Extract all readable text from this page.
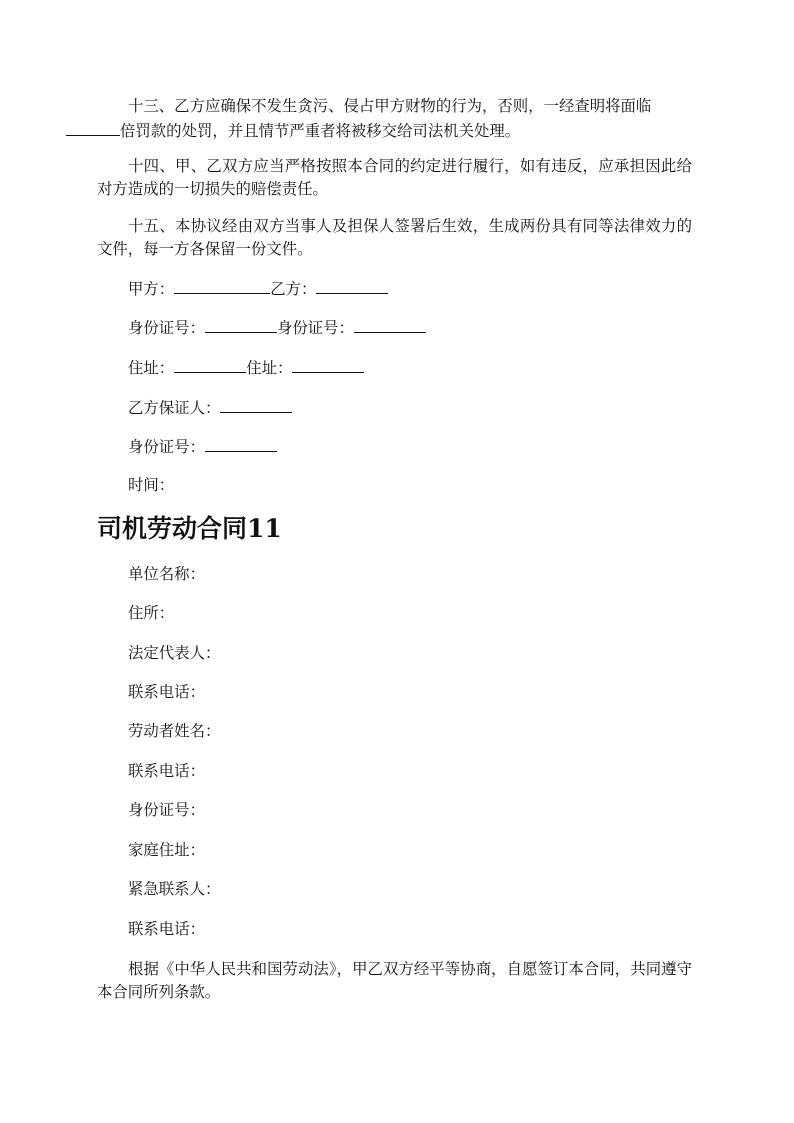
十三、乙方应确保不发生贪污、侵占甲方财物的行为，否则，一经查明将面临
倍罚款的处罚，并且情节严重者将被移交给司法机关处理。

十四、甲、乙双方应当严格按照本合同的约定进行履行，如有违反，应承担因此给对方造成的一切损失的赔偿责任。

十五、本协议经由双方当事人及担保人签署后生效，生成两份具有同等法律效力的文件，每一方各保留一份文件。

甲方：	乙方：

身份证号：	身份证号：

住址：	住址：

乙方保证人：

身份证号：

时间：

司机劳动合同11

单位名称：

住所：

法定代表人：

联系电话：

劳动者姓名：

联系电话：

身份证号：

家庭住址：

紧急联系人：

联系电话：

根据《中华人民共和国劳动法》，甲乙双方经平等协商，自愿签订本合同，共同遵守本合同所列条款。
